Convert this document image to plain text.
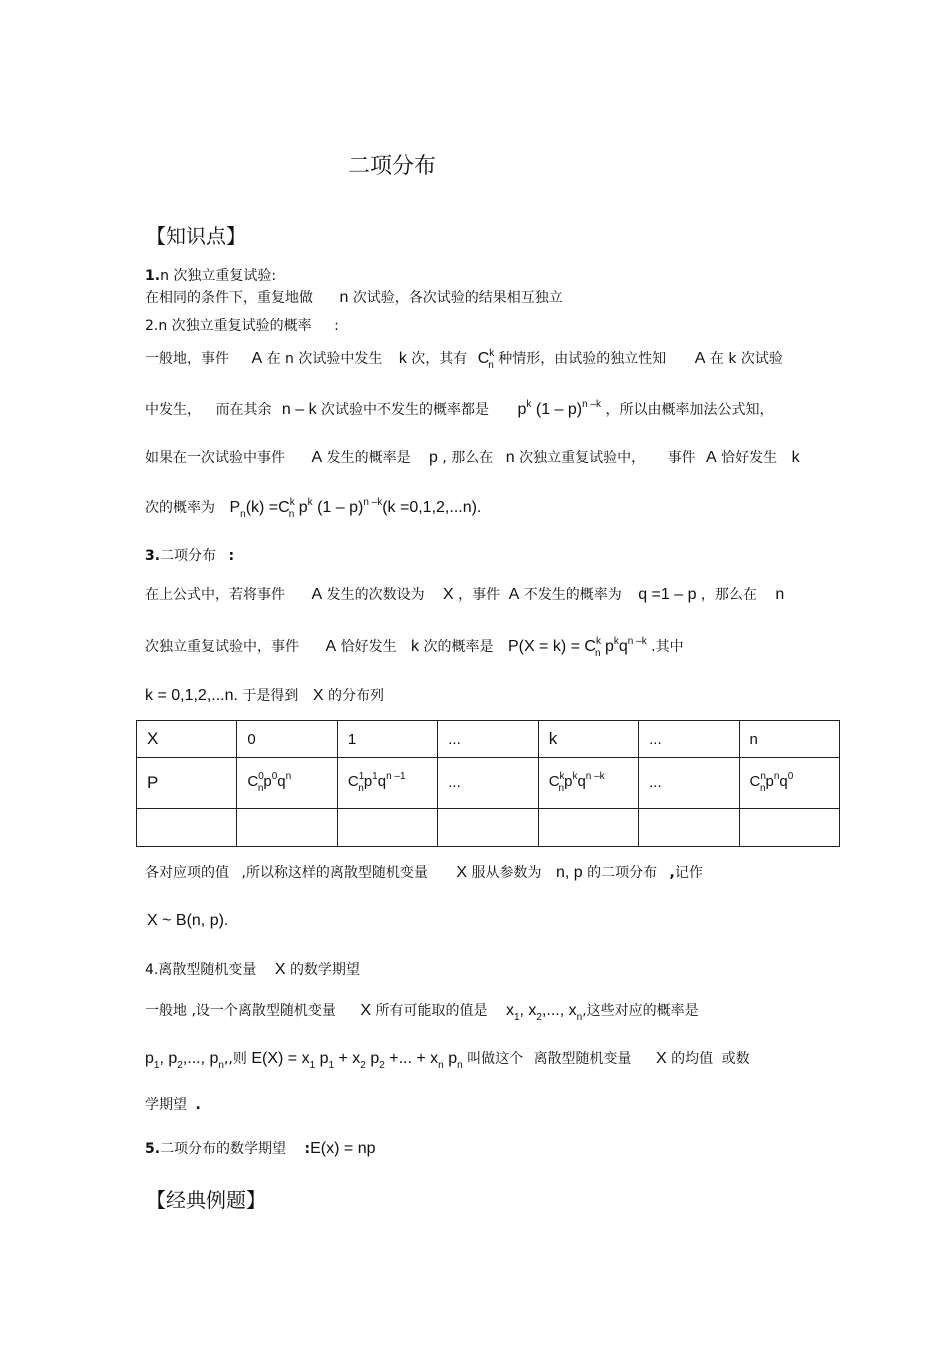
二项分布
【知识点】
1.n 次独立重复试验:
在相同的条件下，重复地做 n 次试验，各次试验的结果相互独立
2.n 次独立重复试验的概率 :
一般地，事件 A 在 n 次试验中发生 k 次，其有 $C^k_n$ 种情形，由试验的独立性知 A 在 k 次试验
中发生， 而在其余 n – k 次试验中不发生的概率都是 $p^k$ (1 – p)$^{n -k}$ ，所以由概率加法公式知，
如果在一次试验中事件 A 发生的概率是 p , 那么在 n 次独立重复试验中， 事件 A 恰好发生 k
次的概率为 $P_n(k) =C^k_n$ $p^k$ (1 – p)$^{n -k}$(k =0,1,2,...n).
3.二项分布 :
在上公式中，若将事件 A 发生的次数设为 X ，事件 A 不发生的概率为 q =1 – p ，那么在 n
次独立重复试验中，事件 A 恰好发生 k 次的概率是 $P(X = k) = C^k_n$ $p^kq^{n -k}$ .其中
k = 0,1,2,...n. 于是得到 X 的分布列
X	0	1	...	k	...	n
P	$C^0_np^0q^n$	$C^1_np^1q^{n -1}$	...	$C^k_np^kq^{n -k}$	...	$C^n_np^nq^0$

各对应项的值 ,所以称这样的离散型随机变量 X 服从参数为 n, p 的二项分布 ,记作
X ~ B(n, p).
4.离散型随机变量 X 的数学期望
一般地 ,设一个离散型随机变量 X 所有可能取的值是 $x_1$, $x_2$,..., $x_n$,这些对应的概率是
$p_1$, $p_2$,..., $p_n$,,则 $E(X) = x_1$ $p_1 + x_2$ $p_2$ +... + $x_n$ $p_n$ 叫做这个 离散型随机变量 X 的均值 或数
学期望 .
5.二项分布的数学期望 :E(x) = np
【经典例题】
